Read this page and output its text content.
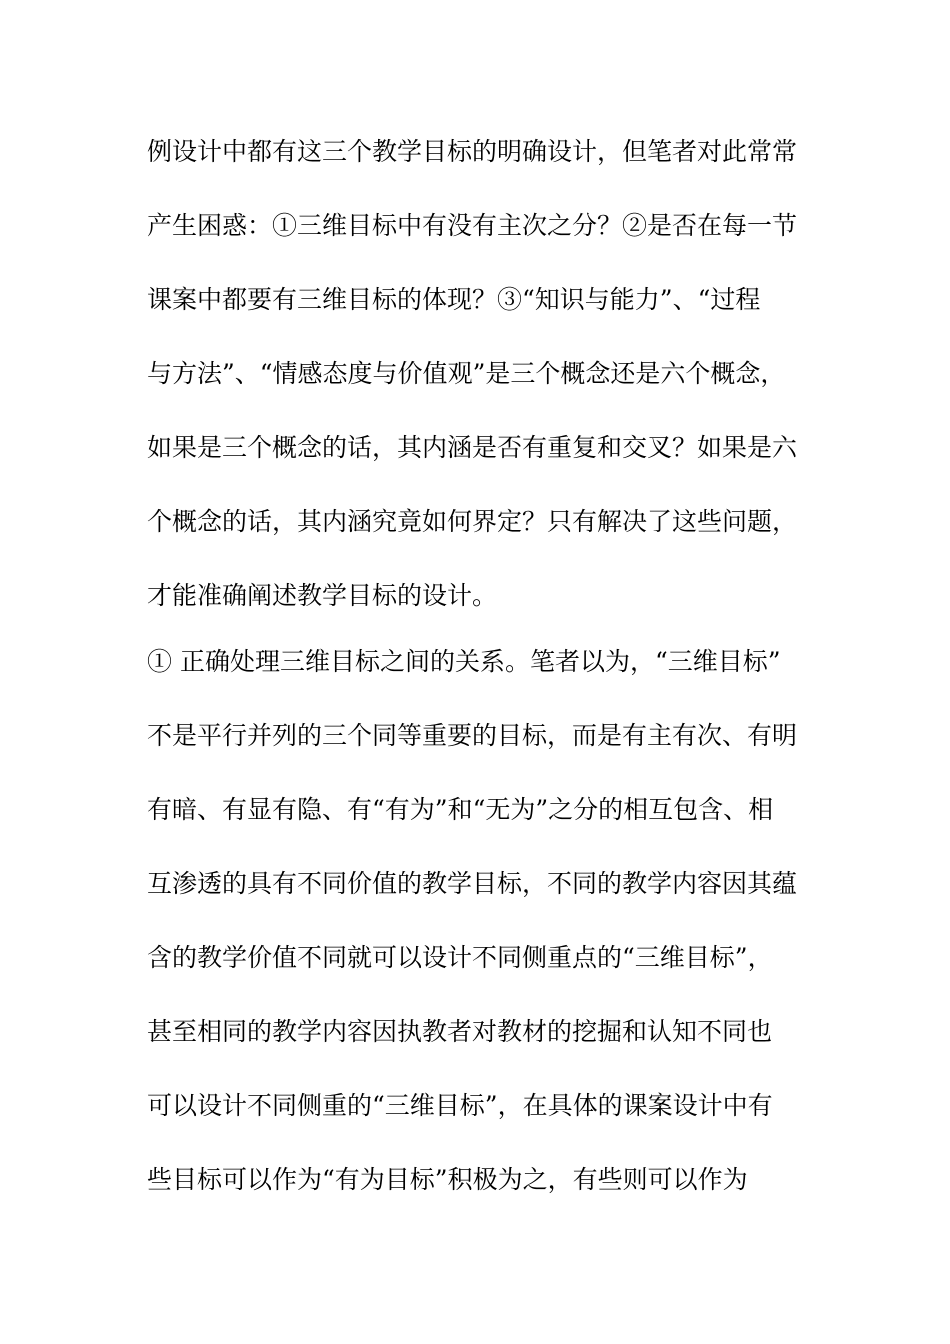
例设计中都有这三个教学目标的明确设计，但笔者对此常常
产生困惑：①三维目标中有没有主次之分？②是否在每一节
课案中都要有三维目标的体现？③“知识与能力”、“过程
与方法”、“情感态度与价值观”是三个概念还是六个概念，
如果是三个概念的话，其内涵是否有重复和交叉？如果是六
个概念的话，其内涵究竟如何界定？只有解决了这些问题，
才能准确阐述教学目标的设计。
① 正确处理三维目标之间的关系。笔者以为，“三维目标”
不是平行并列的三个同等重要的目标，而是有主有次、有明
有暗、有显有隐、有“有为”和“无为”之分的相互包含、相
互渗透的具有不同价值的教学目标，不同的教学内容因其蕴
含的教学价值不同就可以设计不同侧重点的“三维目标”，
甚至相同的教学内容因执教者对教材的挖掘和认知不同也
可以设计不同侧重的“三维目标”，在具体的课案设计中有
些目标可以作为“有为目标”积极为之，有些则可以作为
